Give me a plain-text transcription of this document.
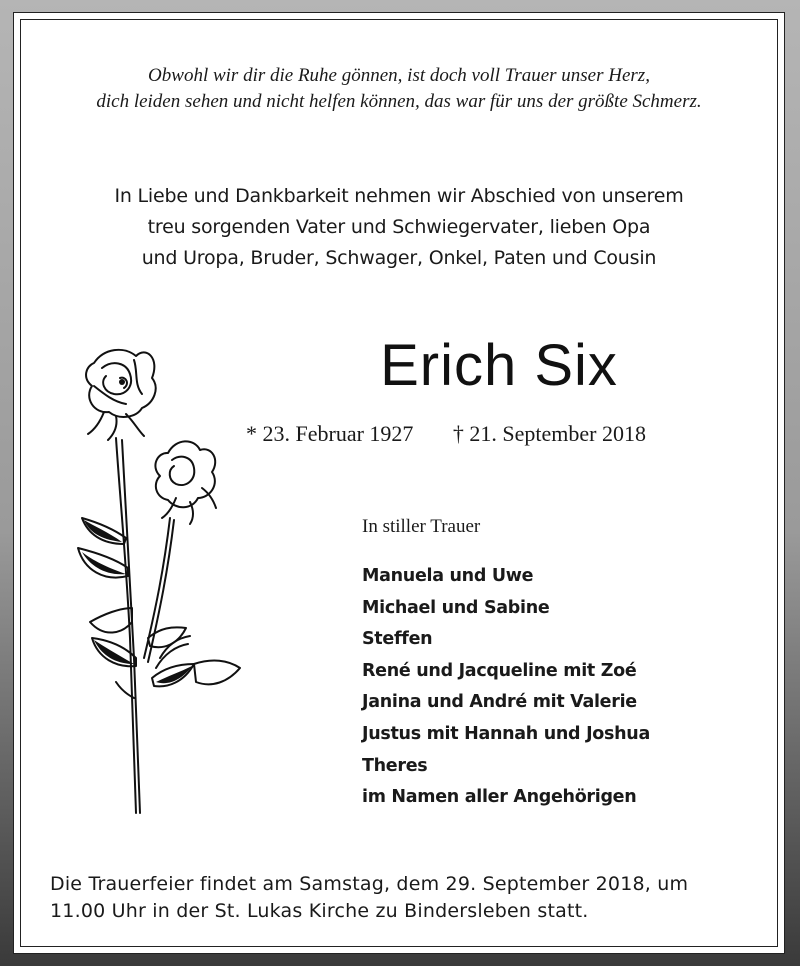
Obwohl wir dir die Ruhe gönnen, ist doch voll Trauer unser Herz,

dich leiden sehen und nicht helfen können, das war für uns der größte Schmerz.

In Liebe und Dankbarkeit nehmen wir Abschied von unserem

treu sorgenden Vater und Schwiegervater, lieben Opa

und Uropa, Bruder, Schwager, Onkel, Paten und Cousin

Erich Six
* 23. Februar 1927 † 21. September 2018
In stiller Trauer
Manuela und Uwe
Michael und Sabine
Steffen
René und Jacqueline mit Zoé
Janina und André mit Valerie
Justus mit Hannah und Joshua
Theres
im Namen aller Angehörigen

Die Trauerfeier findet am Samstag, dem 29. September 2018, um

11.00 Uhr in der St. Lukas Kirche zu Bindersleben statt.
